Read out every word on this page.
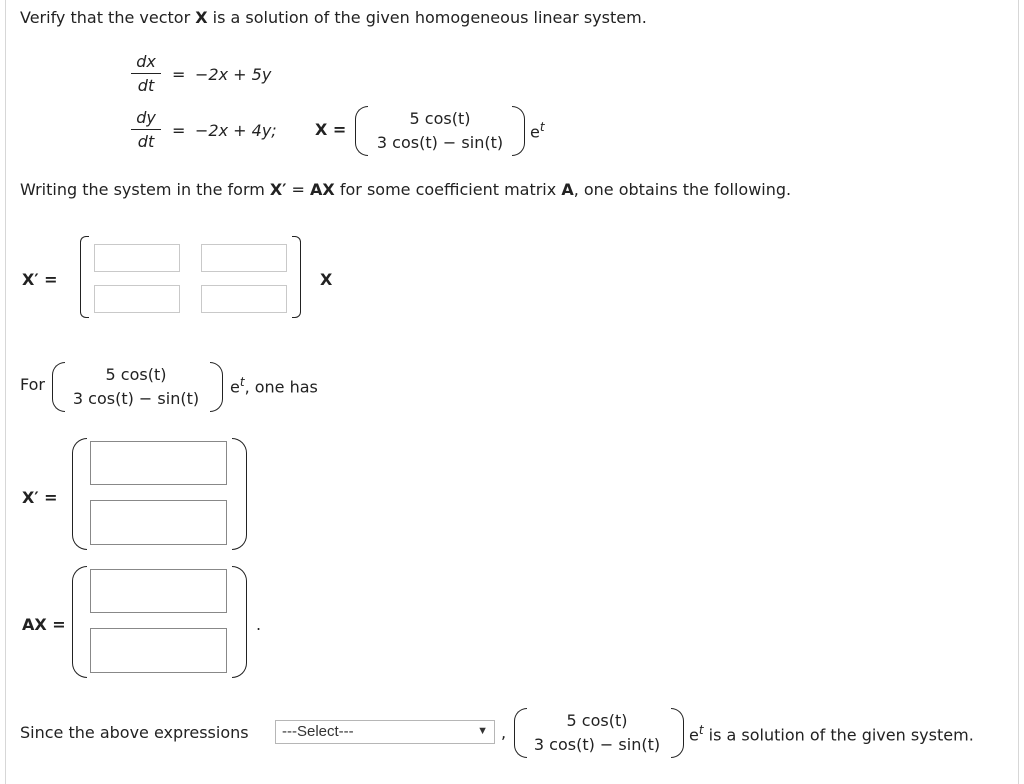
Verify that the vector X is a solution of the given homogeneous linear system.
$\frac{dx}{dt} = -2x + 5y$
$\frac{dy}{dt} = -2x + 4y$; X =
5 cos(t)
3 cos(t) − sin(t)
$e^t$
Writing the system in the form X′ = AX for some coefficient matrix A, one obtains the following.
X′ =	X
For
5 cos(t)
3 cos(t) − sin(t)
$e^t$, one has
X′ =
AX =	.
Since the above expressions ---Select---	▼ ,
5 cos(t)
3 cos(t) − sin(t)
$e^t$ is a solution of the given system.
